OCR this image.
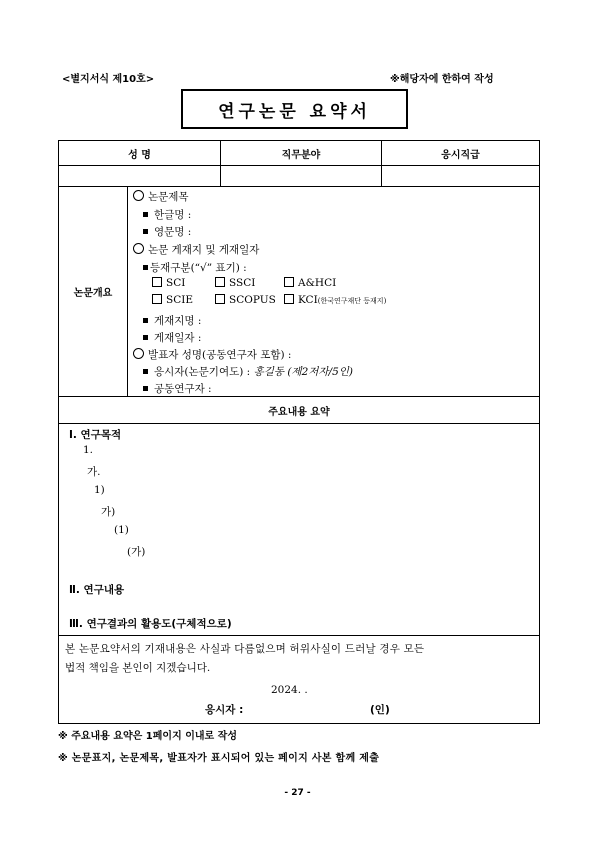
<별지서식 제10호>	※해당자에 한하여 작성
연구논문 요약서
성 명	직무분야	응시직급
논문개요
논문제목
한글명 :
영문명 :
논문 게재지 및 게재일자
등재구분(“√” 표기) :
SCI	SSCI	A&HCI
SCIE	SCOPUS	KCI(한국연구재단 등재지)
게재지명 :
게재일자 :
발표자 성명(공동연구자 포함) :
응시자(논문기여도) : 홍길동 (제2저자/5인)
공동연구자 :
주요내용 요약
Ⅰ. 연구목적
1.
가.
1)
가)
(1)
(가)
Ⅱ. 연구내용
Ⅲ. 연구결과의 활용도(구체적으로)
본 논문요약서의 기재내용은 사실과 다름없으며 허위사실이 드러날 경우 모든
법적 책임을 본인이 지겠습니다.
2024. .
응시자 :	(인)
※ 주요내용 요약은 1페이지 이내로 작성
※ 논문표지, 논문제목, 발표자가 표시되어 있는 페이지 사본 함께 제출
- 27 -
